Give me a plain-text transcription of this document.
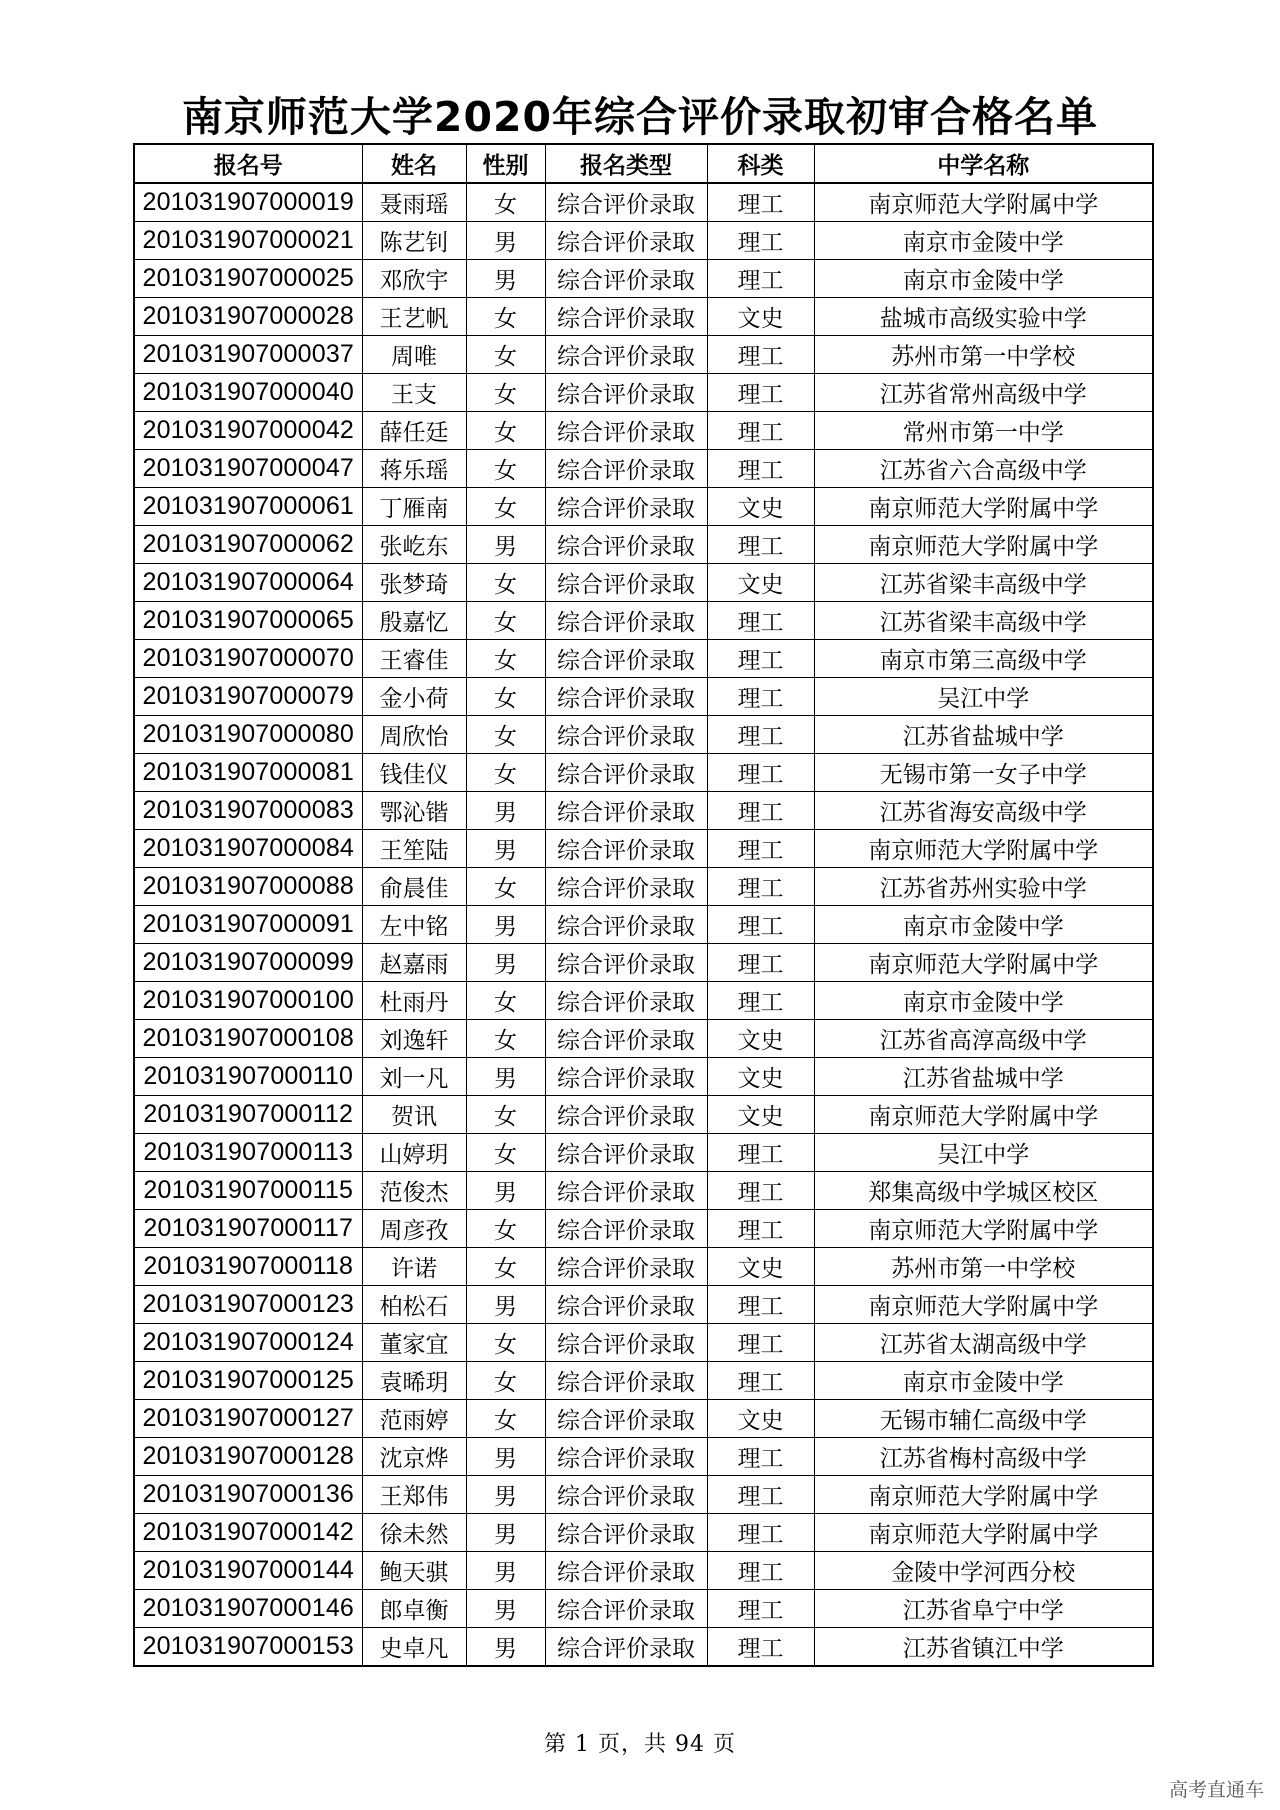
南京师范大学2020年综合评价录取初审合格名单
报名号	姓名	性别	报名类型	科类	中学名称
201031907000019	聂雨瑶	女	综合评价录取	理工	南京师范大学附属中学
201031907000021	陈艺钊	男	综合评价录取	理工	南京市金陵中学
201031907000025	邓欣宇	男	综合评价录取	理工	南京市金陵中学
201031907000028	王艺帆	女	综合评价录取	文史	盐城市高级实验中学
201031907000037	周唯	女	综合评价录取	理工	苏州市第一中学校
201031907000040	王支	女	综合评价录取	理工	江苏省常州高级中学
201031907000042	薛任廷	女	综合评价录取	理工	常州市第一中学
201031907000047	蒋乐瑶	女	综合评价录取	理工	江苏省六合高级中学
201031907000061	丁雁南	女	综合评价录取	文史	南京师范大学附属中学
201031907000062	张屹东	男	综合评价录取	理工	南京师范大学附属中学
201031907000064	张梦琦	女	综合评价录取	文史	江苏省梁丰高级中学
201031907000065	殷嘉忆	女	综合评价录取	理工	江苏省梁丰高级中学
201031907000070	王睿佳	女	综合评价录取	理工	南京市第三高级中学
201031907000079	金小荷	女	综合评价录取	理工	吴江中学
201031907000080	周欣怡	女	综合评价录取	理工	江苏省盐城中学
201031907000081	钱佳仪	女	综合评价录取	理工	无锡市第一女子中学
201031907000083	鄂沁锴	男	综合评价录取	理工	江苏省海安高级中学
201031907000084	王笙陆	男	综合评价录取	理工	南京师范大学附属中学
201031907000088	俞晨佳	女	综合评价录取	理工	江苏省苏州实验中学
201031907000091	左中铭	男	综合评价录取	理工	南京市金陵中学
201031907000099	赵嘉雨	男	综合评价录取	理工	南京师范大学附属中学
201031907000100	杜雨丹	女	综合评价录取	理工	南京市金陵中学
201031907000108	刘逸轩	女	综合评价录取	文史	江苏省高淳高级中学
201031907000110	刘一凡	男	综合评价录取	文史	江苏省盐城中学
201031907000112	贺讯	女	综合评价录取	文史	南京师范大学附属中学
201031907000113	山婷玥	女	综合评价录取	理工	吴江中学
201031907000115	范俊杰	男	综合评价录取	理工	郑集高级中学城区校区
201031907000117	周彦孜	女	综合评价录取	理工	南京师范大学附属中学
201031907000118	许诺	女	综合评价录取	文史	苏州市第一中学校
201031907000123	柏松石	男	综合评价录取	理工	南京师范大学附属中学
201031907000124	董家宜	女	综合评价录取	理工	江苏省太湖高级中学
201031907000125	袁晞玥	女	综合评价录取	理工	南京市金陵中学
201031907000127	范雨婷	女	综合评价录取	文史	无锡市辅仁高级中学
201031907000128	沈京烨	男	综合评价录取	理工	江苏省梅村高级中学
201031907000136	王郑伟	男	综合评价录取	理工	南京师范大学附属中学
201031907000142	徐未然	男	综合评价录取	理工	南京师范大学附属中学
201031907000144	鲍天骐	男	综合评价录取	理工	金陵中学河西分校
201031907000146	郎卓衡	男	综合评价录取	理工	江苏省阜宁中学
201031907000153	史卓凡	男	综合评价录取	理工	江苏省镇江中学
第 1 页，共 94 页
高考直通车
